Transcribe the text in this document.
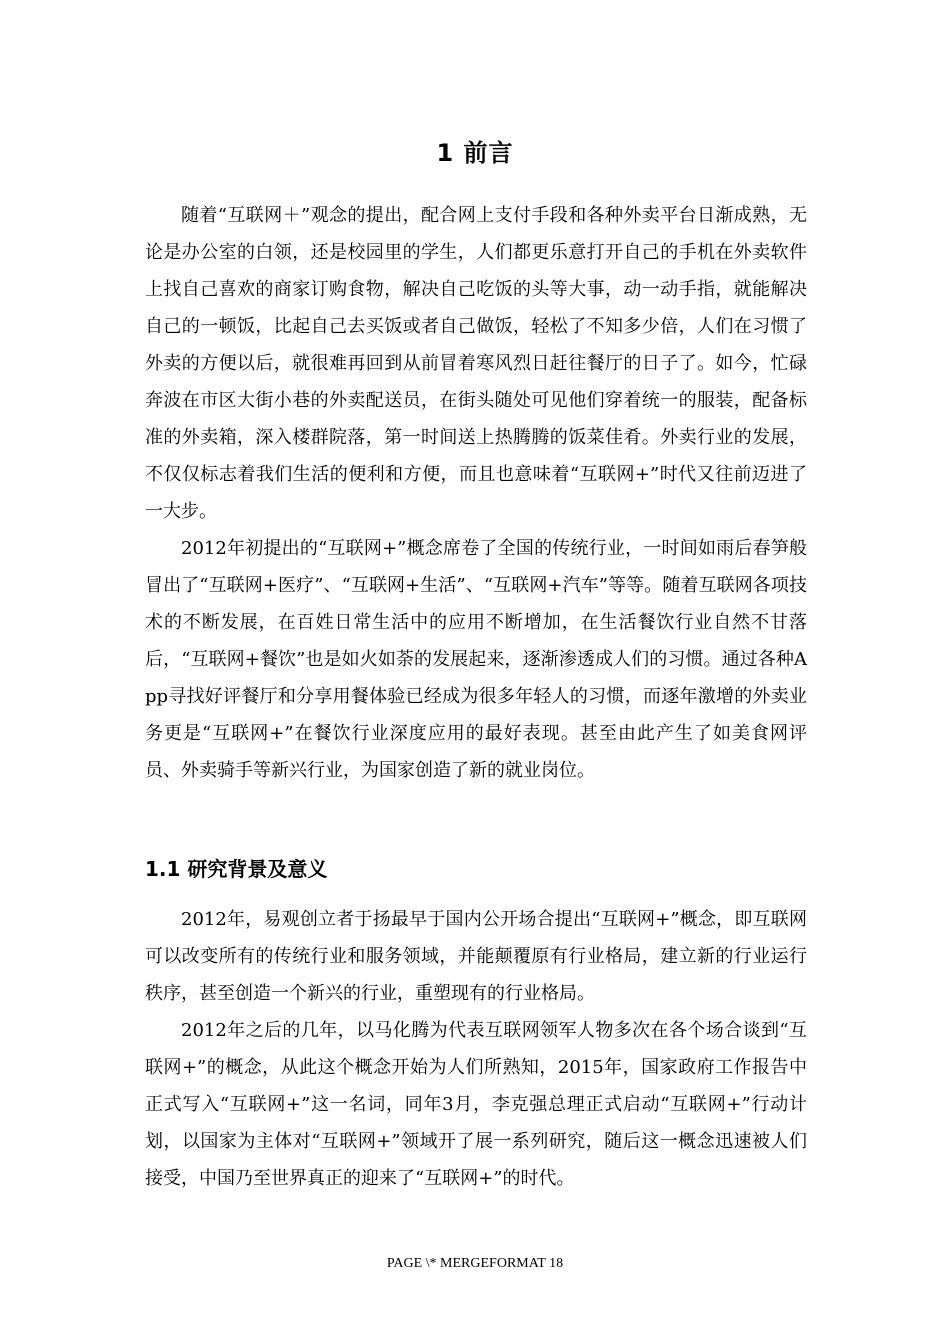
1 前言

随着“互联网＋”观念的提出，配合网上支付手段和各种外卖平台日渐成熟，无论是办公室的白领，还是校园里的学生，人们都更乐意打开自己的手机在外卖软件上找自己喜欢的商家订购食物，解决自己吃饭的头等大事，动一动手指，就能解决自己的一顿饭，比起自己去买饭或者自己做饭，轻松了不知多少倍，人们在习惯了外卖的方便以后，就很难再回到从前冒着寒风烈日赶往餐厅的日子了。如今，忙碌奔波在市区大街小巷的外卖配送员，在街头随处可见他们穿着统一的服装，配备标准的外卖箱，深入楼群院落，第一时间送上热腾腾的饭菜佳肴。外卖行业的发展，不仅仅标志着我们生活的便利和方便，而且也意味着“互联网+”时代又往前迈进了一大步。

2012年初提出的“互联网+”概念席卷了全国的传统行业，一时间如雨后春笋般冒出了“互联网+医疗”、“互联网+生活”、“互联网+汽车”等等。随着互联网各项技术的不断发展，在百姓日常生活中的应用不断增加，在生活餐饮行业自然不甘落后，“互联网+餐饮”也是如火如荼的发展起来，逐渐渗透成人们的习惯。通过各种App寻找好评餐厅和分享用餐体验已经成为很多年轻人的习惯，而逐年激增的外卖业务更是“互联网+”在餐饮行业深度应用的最好表现。甚至由此产生了如美食网评员、外卖骑手等新兴行业，为国家创造了新的就业岗位。

1.1 研究背景及意义

2012年，易观创立者于扬最早于国内公开场合提出“互联网+”概念，即互联网可以改变所有的传统行业和服务领域，并能颠覆原有行业格局，建立新的行业运行秩序，甚至创造一个新兴的行业，重塑现有的行业格局。

2012年之后的几年，以马化腾为代表互联网领军人物多次在各个场合谈到“互联网+”的概念，从此这个概念开始为人们所熟知，2015年，国家政府工作报告中正式写入“互联网+”这一名词，同年3月，李克强总理正式启动“互联网+”行动计划，以国家为主体对“互联网+”领域开了展一系列研究，随后这一概念迅速被人们接受，中国乃至世界真正的迎来了“互联网+”的时代。

PAGE \* MERGEFORMAT 18
